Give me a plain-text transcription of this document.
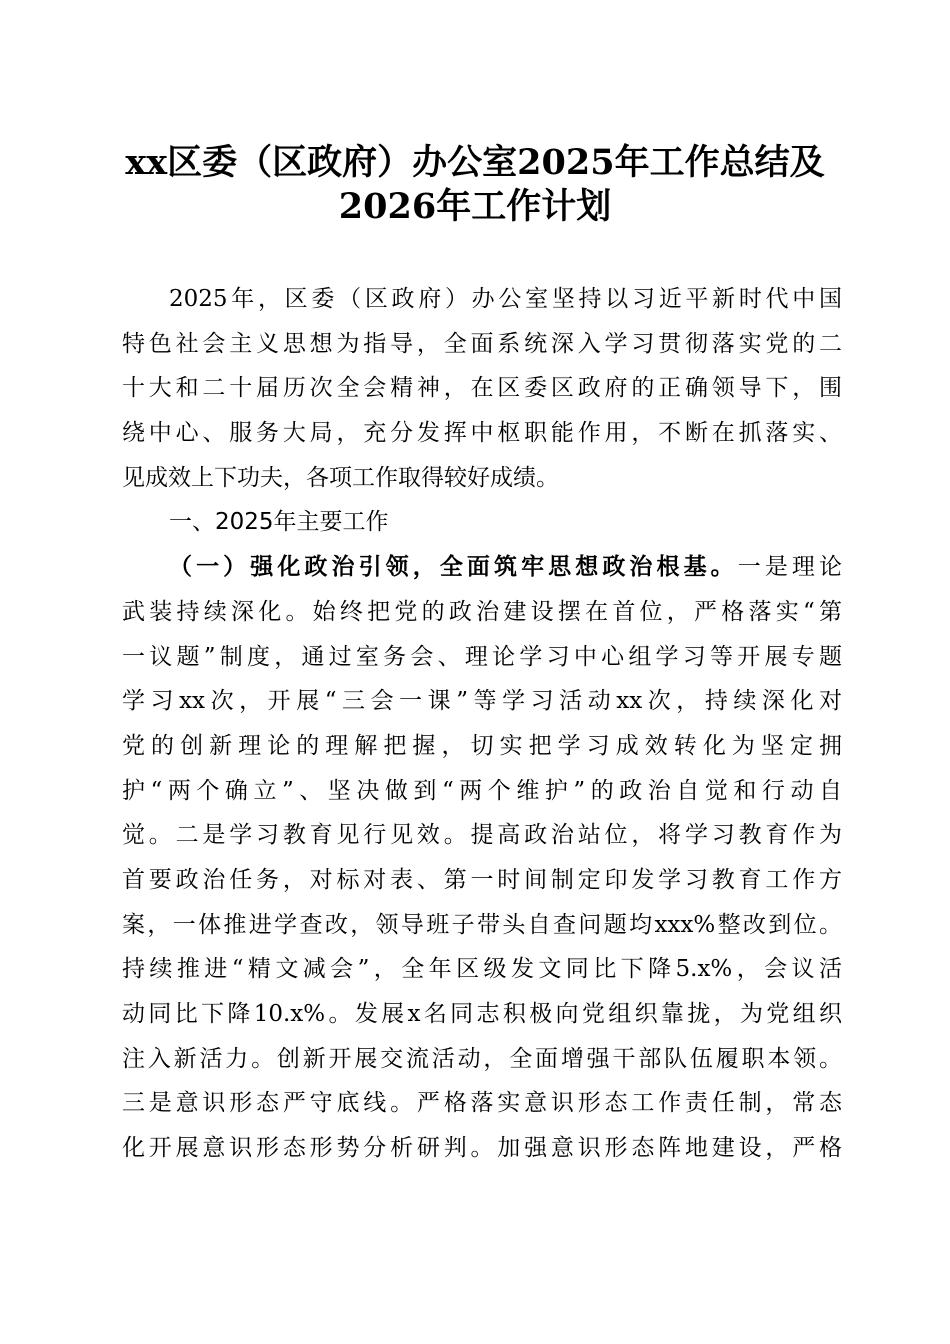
xx区委（区政府）办公室2025年工作总结及
2026年工作计划
2025年，区委（区政府）办公室坚持以习近平新时代中国
特色社会主义思想为指导，全面系统深入学习贯彻落实党的二
十大和二十届历次全会精神，在区委区政府的正确领导下，围
绕中心、服务大局，充分发挥中枢职能作用，不断在抓落实、
见成效上下功夫，各项工作取得较好成绩。
一、2025年主要工作
（一）强化政治引领，全面筑牢思想政治根基。一是理论
武装持续深化。始终把党的政治建设摆在首位，严格落实“第
一议题”制度，通过室务会、理论学习中心组学习等开展专题
学习xx次，开展“三会一课”等学习活动xx次，持续深化对
党的创新理论的理解把握，切实把学习成效转化为坚定拥
护“两个确立”、坚决做到“两个维护”的政治自觉和行动自
觉。二是学习教育见行见效。提高政治站位，将学习教育作为
首要政治任务，对标对表、第一时间制定印发学习教育工作方
案，一体推进学查改，领导班子带头自查问题均xxx%整改到位。
持续推进“精文减会”，全年区级发文同比下降5.x%，会议活
动同比下降10.x%。发展x名同志积极向党组织靠拢，为党组织
注入新活力。创新开展交流活动，全面增强干部队伍履职本领。
三是意识形态严守底线。严格落实意识形态工作责任制，常态
化开展意识形态形势分析研判。加强意识形态阵地建设，严格
